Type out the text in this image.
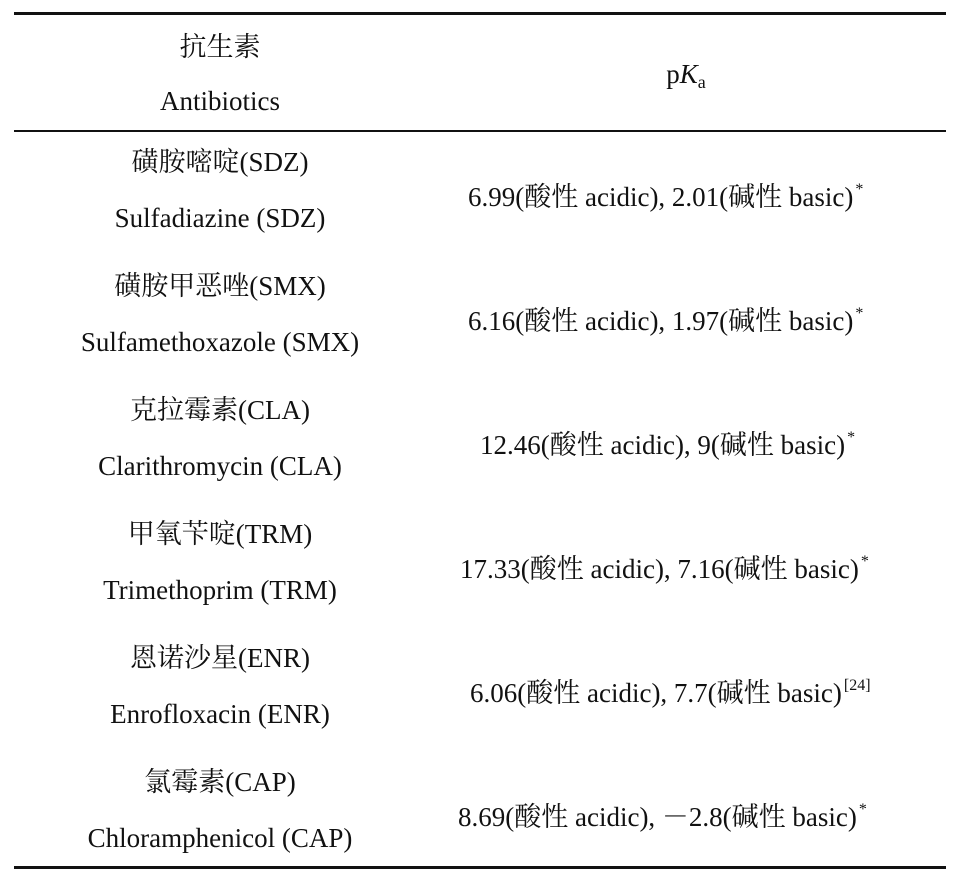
抗生素
Antibiotics
$pK_a$
磺胺嘧啶(SDZ)
Sulfadiazine (SDZ)
6.99(酸性 acidic), 2.01(碱性 basic) *
磺胺甲恶唑(SMX)
Sulfamethoxazole (SMX)
6.16(酸性 acidic), 1.97(碱性 basic) *
克拉霉素(CLA)
Clarithromycin (CLA)
12.46(酸性 acidic), 9(碱性 basic) *
甲氧苄啶(TRM)
Trimethoprim (TRM)
17.33(酸性 acidic), 7.16(碱性 basic) *
恩诺沙星(ENR)
Enrofloxacin (ENR)
6.06(酸性 acidic), 7.7(碱性 basic) [24]
氯霉素(CAP)
Chloramphenicol (CAP)
8.69(酸性 acidic), －2.8(碱性 basic) *
